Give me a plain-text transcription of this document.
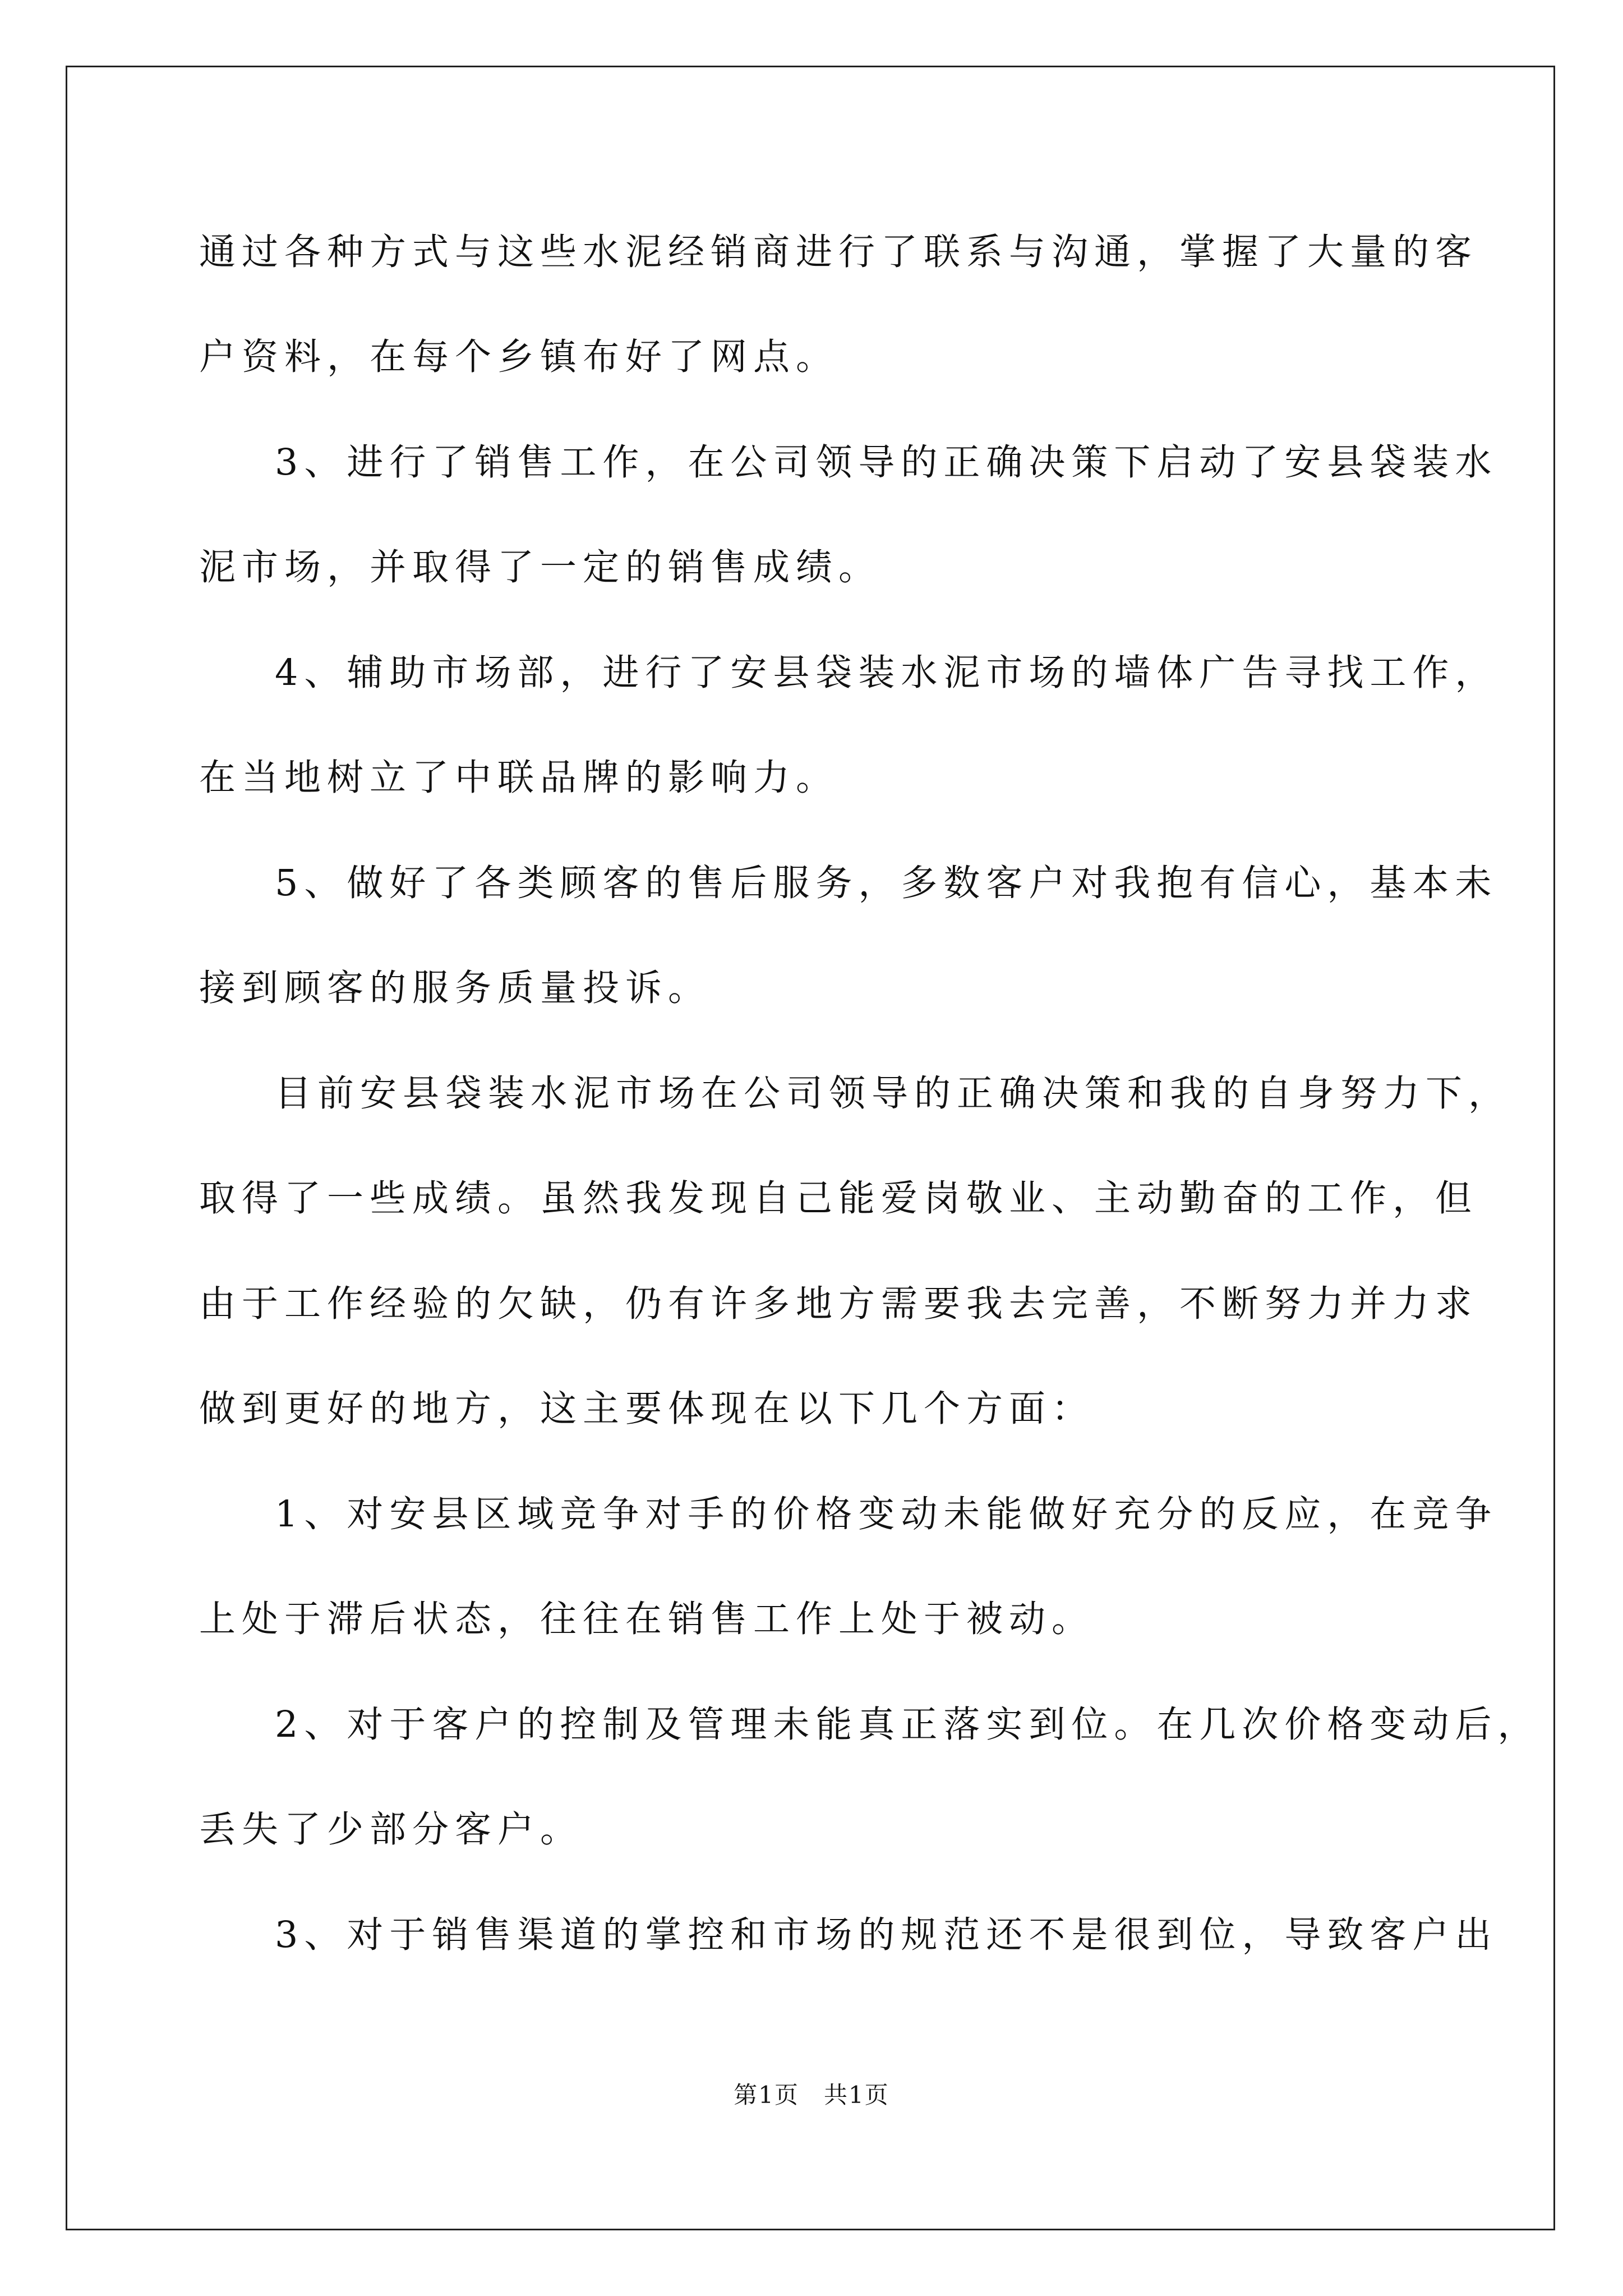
通过各种方式与这些水泥经销商进行了联系与沟通，掌握了大量的客
户资料，在每个乡镇布好了网点。
3、进行了销售工作，在公司领导的正确决策下启动了安县袋装水
泥市场，并取得了一定的销售成绩。
4、辅助市场部，进行了安县袋装水泥市场的墙体广告寻找工作，
在当地树立了中联品牌的影响力。
5、做好了各类顾客的售后服务，多数客户对我抱有信心，基本未
接到顾客的服务质量投诉。
目前安县袋装水泥市场在公司领导的正确决策和我的自身努力下，
取得了一些成绩。虽然我发现自己能爱岗敬业、主动勤奋的工作，但
由于工作经验的欠缺，仍有许多地方需要我去完善，不断努力并力求
做到更好的地方，这主要体现在以下几个方面：
1、对安县区域竞争对手的价格变动未能做好充分的反应，在竞争
上处于滞后状态，往往在销售工作上处于被动。
2、对于客户的控制及管理未能真正落实到位。在几次价格变动后，
丢失了少部分客户。
3、对于销售渠道的掌控和市场的规范还不是很到位，导致客户出
第1页　共1页
